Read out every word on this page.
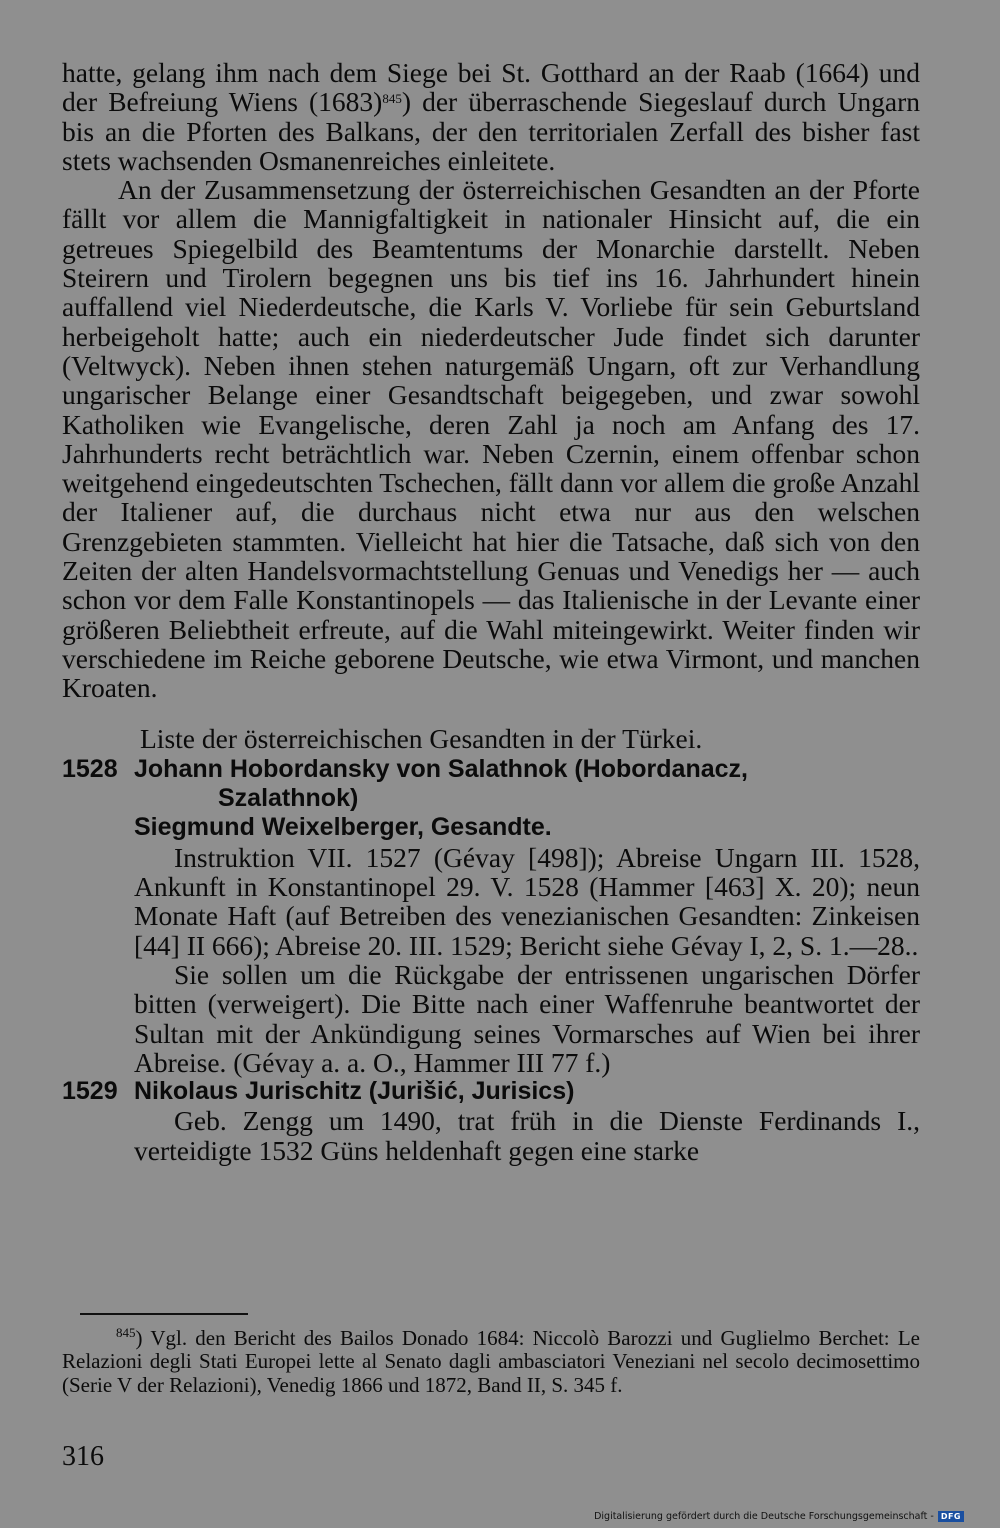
hatte, gelang ihm nach dem Siege bei St. Gotthard an der Raab (1664) und der Befreiung Wiens (1683)$^{845}$) der überraschende Siegeslauf durch Ungarn bis an die Pforten des Balkans, der den territorialen Zerfall des bisher fast stets wachsenden Osmanenreiches einleitete.

An der Zusammensetzung der österreichischen Gesandten an der Pforte fällt vor allem die Mannigfaltigkeit in nationaler Hinsicht auf, die ein getreues Spiegelbild des Beamtentums der Monarchie darstellt. Neben Steirern und Tirolern begegnen uns bis tief ins 16. Jahrhundert hinein auffallend viel Niederdeutsche, die Karls V. Vorliebe für sein Geburtsland herbeigeholt hatte; auch ein niederdeutscher Jude findet sich darunter (Veltwyck). Neben ihnen stehen naturgemäß Ungarn, oft zur Verhandlung ungarischer Belange einer Gesandtschaft beigegeben, und zwar sowohl Katholiken wie Evangelische, deren Zahl ja noch am Anfang des 17. Jahrhunderts recht beträchtlich war. Neben Czernin, einem offenbar schon weitgehend eingedeutschten Tschechen, fällt dann vor allem die große Anzahl der Italiener auf, die durchaus nicht etwa nur aus den welschen Grenzgebieten stammten. Vielleicht hat hier die Tatsache, daß sich von den Zeiten der alten Handelsvormachtstellung Genuas und Venedigs her — auch schon vor dem Falle Konstantinopels — das Italienische in der Levante einer größeren Beliebtheit erfreute, auf die Wahl miteingewirkt. Weiter finden wir verschiedene im Reiche geborene Deutsche, wie etwa Virmont, und manchen Kroaten.

Liste der österreichischen Gesandten in der Türkei.

1528 Johann Hobordansky von Salathnok (Hobordanacz,
Szalathnok)

Siegmund Weixelberger, Gesandte.

Instruktion VII. 1527 (Gévay [498]); Abreise Ungarn III. 1528, Ankunft in Konstantinopel 29. V. 1528 (Hammer [463] X. 20); neun Monate Haft (auf Betreiben des venezianischen Gesandten: Zinkeisen [44] II 666); Abreise 20. III. 1529; Bericht siehe Gévay I, 2, S. 1.—28..

Sie sollen um die Rückgabe der entrissenen ungarischen Dörfer bitten (verweigert). Die Bitte nach einer Waffenruhe beantwortet der Sultan mit der Ankündigung seines Vormarsches auf Wien bei ihrer Abreise. (Gévay a. a. O., Hammer III 77 f.)

1529 Nikolaus Jurischitz (Jurišić, Jurisics)

Geb. Zengg um 1490, trat früh in die Dienste Ferdinands I., verteidigte 1532 Güns heldenhaft gegen eine starke

$^{845}$) Vgl. den Bericht des Bailos Donado 1684: Niccolò Barozzi und Guglielmo Berchet: Le Relazioni degli Stati Europei lette al Senato dagli ambasciatori Veneziani nel secolo decimosettimo (Serie V der Relazioni), Venedig 1866 und 1872, Band II, S. 345 f.

316
Digitalisierung gefördert durch die Deutsche Forschungsgemeinschaft - DFG
